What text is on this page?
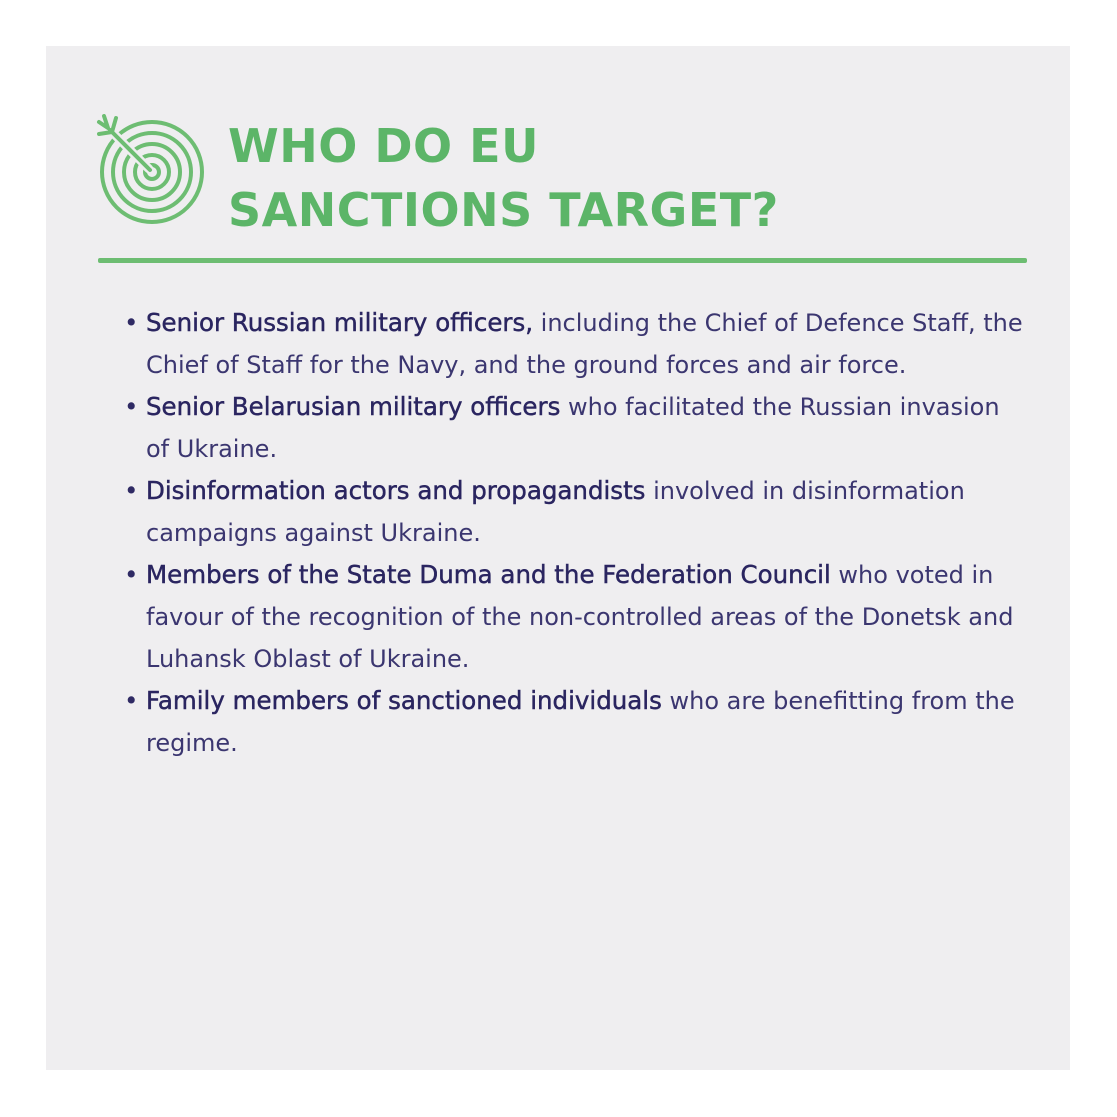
WHO DO EU
SANCTIONS TARGET?
• Senior Russian military officers, including the Chief of Defence Staff, the Chief of Staff for the Navy, and the ground forces and air force.
• Senior Belarusian military officers who facilitated the Russian invasion of Ukraine.
• Disinformation actors and propagandists involved in disinformation campaigns against Ukraine.
• Members of the State Duma and the Federation Council who voted in favour of the recognition of the non-controlled areas of the Donetsk and Luhansk Oblast of Ukraine.
• Family members of sanctioned individuals who are benefitting from the regime.
